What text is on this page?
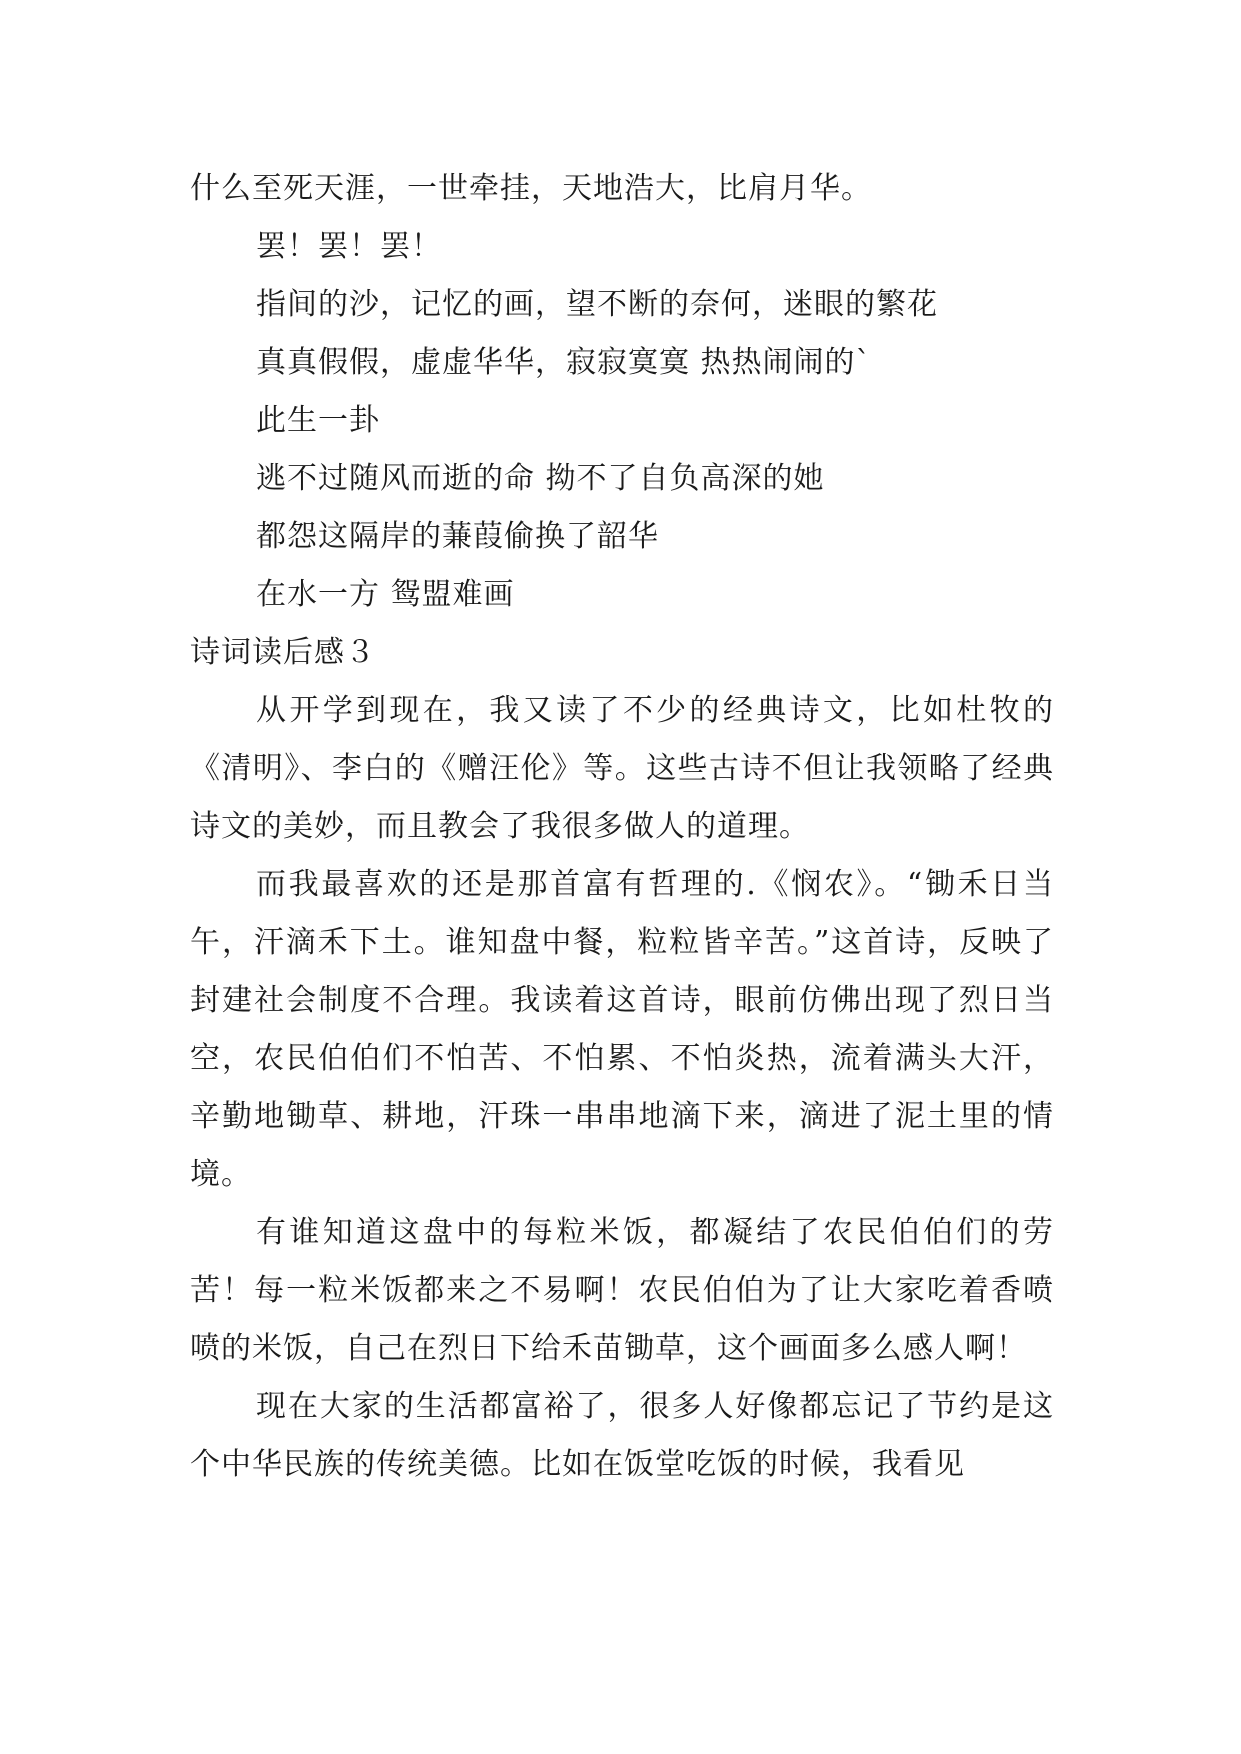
什么至死天涯，一世牵挂，天地浩大，比肩月华。
罢！罢！罢！
指间的沙，记忆的画，望不断的奈何，迷眼的繁花
真真假假，虚虚华华，寂寂寞寞 热热闹闹的`
此生一卦
逃不过随风而逝的命 拗不了自负高深的她
都怨这隔岸的蒹葭偷换了韶华
在水一方 鸳盟难画
诗词读后感３
从开学到现在，我又读了不少的经典诗文，比如杜牧的《清明》、李白的《赠汪伦》等。这些古诗不但让我领略了经典诗文的美妙，而且教会了我很多做人的道理。
而我最喜欢的还是那首富有哲理的.《悯农》。“锄禾日当午，汗滴禾下土。谁知盘中餐，粒粒皆辛苦。”这首诗，反映了封建社会制度不合理。我读着这首诗，眼前仿佛出现了烈日当空，农民伯伯们不怕苦、不怕累、不怕炎热，流着满头大汗，辛勤地锄草、耕地，汗珠一串串地滴下来，滴进了泥土里的情境。
有谁知道这盘中的每粒米饭，都凝结了农民伯伯们的劳苦！每一粒米饭都来之不易啊！农民伯伯为了让大家吃着香喷喷的米饭，自己在烈日下给禾苗锄草，这个画面多么感人啊！
现在大家的生活都富裕了，很多人好像都忘记了节约是这个中华民族的传统美德。比如在饭堂吃饭的时候，我看见
